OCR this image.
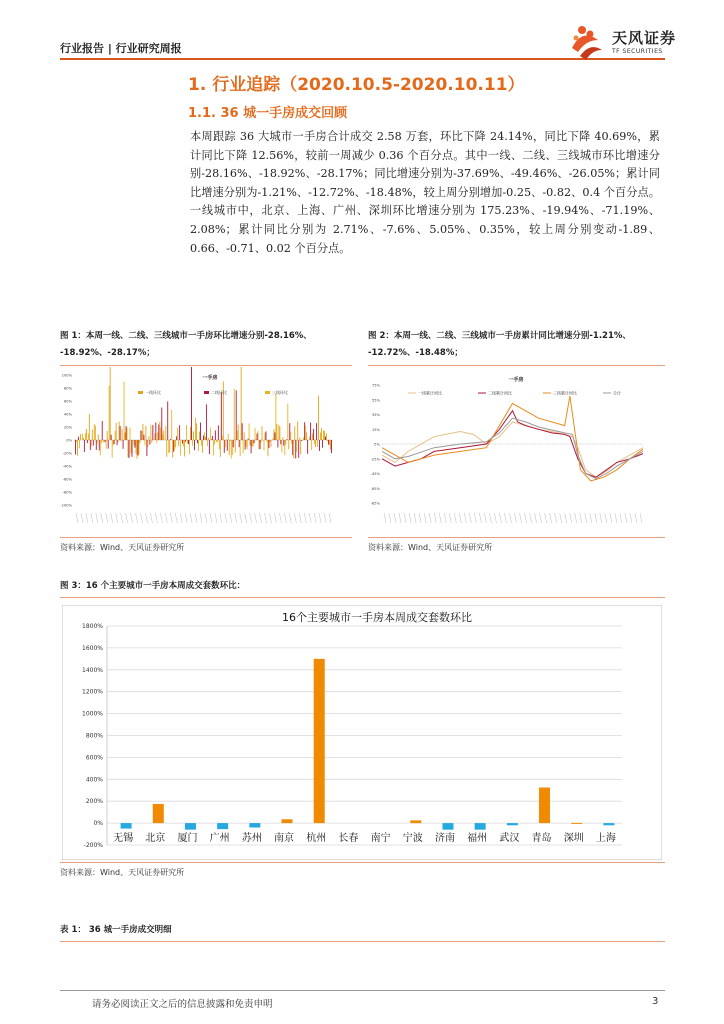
行业报告 | 行业研究周报
天风证券
TF SECURITIES
1. 行业追踪（2020.10.5-2020.10.11）
1.1. 36 城一手房成交回顾
本周跟踪 36 大城市一手房合计成交 2.58 万套，环比下降 24.14%，同比下降 40.69%，累计同比下降 12.56%，较前一周减少 0.36 个百分点。其中一线、二线、三线城市环比增速分别-28.16%、-18.92%、-28.17%；同比增速分别为-37.69%、-49.46%、-26.05%；累计同比增速分别为-1.21%、-12.72%、-18.48%，较上周分别增加-0.25、-0.82、0.4 个百分点。一线城市中，北京、上海、广州、深圳环比增速分别为 175.23%、-19.94%、-71.19%、2.08%；累计同比分别为 2.71%、-7.6%、5.05%、0.35%，较上周分别变动-1.89、0.66、-0.71、0.02 个百分点。
图 1：本周一线、二线、三线城市一手房环比增速分别-28.16%、
-18.92%、-28.17%；
一手房
100%
80%
60%
40%
20%
0%
-20%
-40%
-60%
-80%
-100%
一线环比	二线环比	三线环比
资料来源：Wind、天风证券研究所
图 2：本周一线、二线、三线城市一手房累计同比增速分别-1.21%、
-12.72%、-18.48%；
一手房
75%
55%
35%
15%
-5%
-25%
-45%
-65%
-85%
一线累计同比	二线累计同比	三线累计同比	合计
资料来源：Wind、天风证券研究所
图 3：16 个主要城市一手房本周成交套数环比：
16个主要城市一手房本周成交套数环比
1800%
1600%
1400%
1200%
1000%
800%
600%
400%
200%
0%
-200%
无锡 北京 厦门 广州 苏州 南京 杭州 长春 南宁 宁波 济南 福州 武汉 青岛 深圳 上海
资料来源：Wind、天风证券研究所
表 1： 36 城一手房成交明细
请务必阅读正文之后的信息披露和免责申明	3
